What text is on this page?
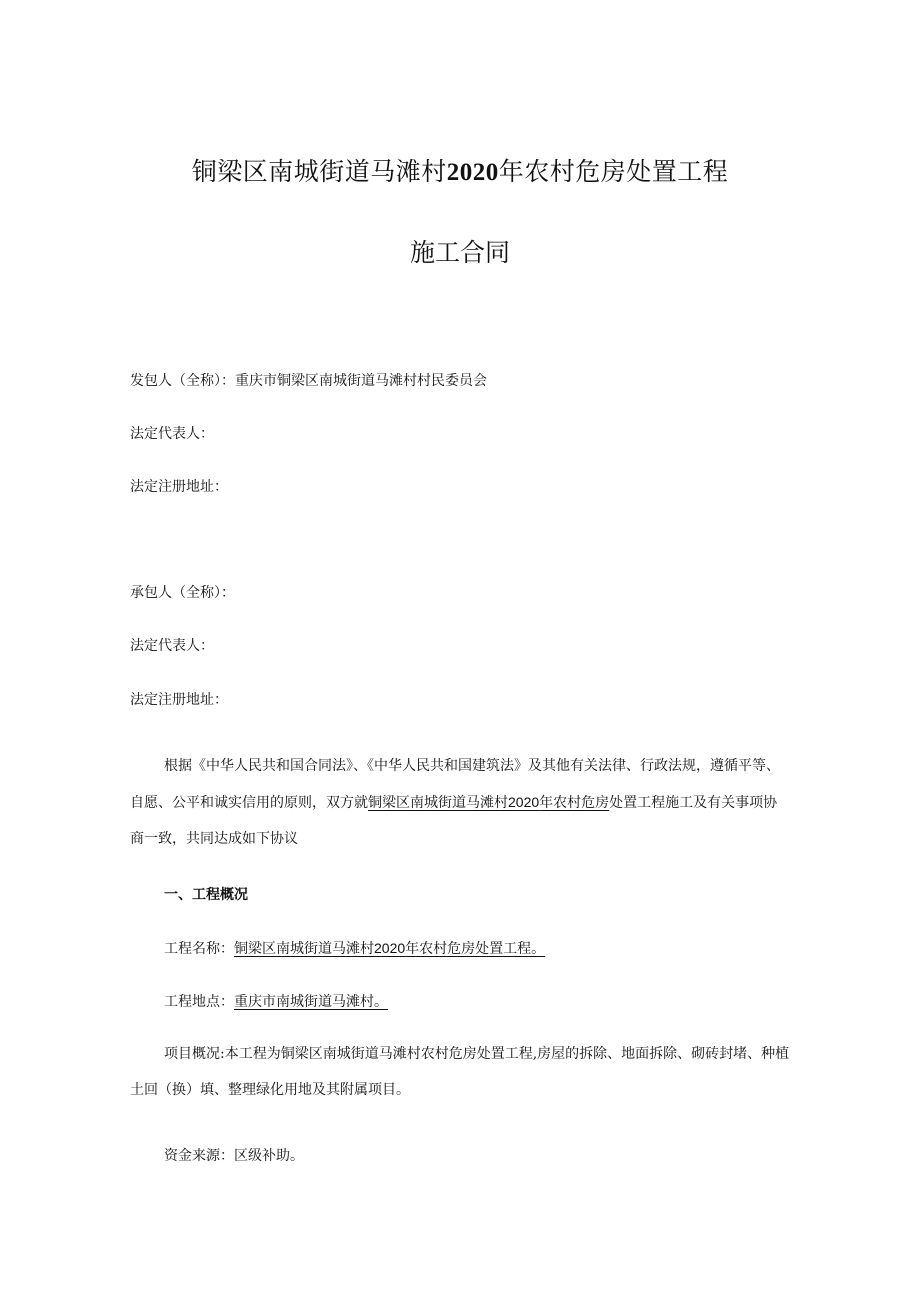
铜梁区南城街道马滩村2020年农村危房处置工程
施工合同
发包人（全称）：重庆市铜梁区南城街道马滩村村民委员会
法定代表人：
法定注册地址：
承包人（全称）：
法定代表人：
法定注册地址：
根据《中华人民共和国合同法》、《中华人民共和国建筑法》及其他有关法律、行政法规，遵循平等、自愿、公平和诚实信用的原则，双方就铜梁区南城街道马滩村2020年农村危房处置工程施工及有关事项协商一致，共同达成如下协议
一、工程概况
工程名称：铜梁区南城街道马滩村2020年农村危房处置工程。
工程地点：重庆市南城街道马滩村。
项目概况:本工程为铜梁区南城街道马滩村农村危房处置工程,房屋的拆除、地面拆除、砌砖封堵、种植土回（换）填、整理绿化用地及其附属项目。
资金来源：区级补助。
